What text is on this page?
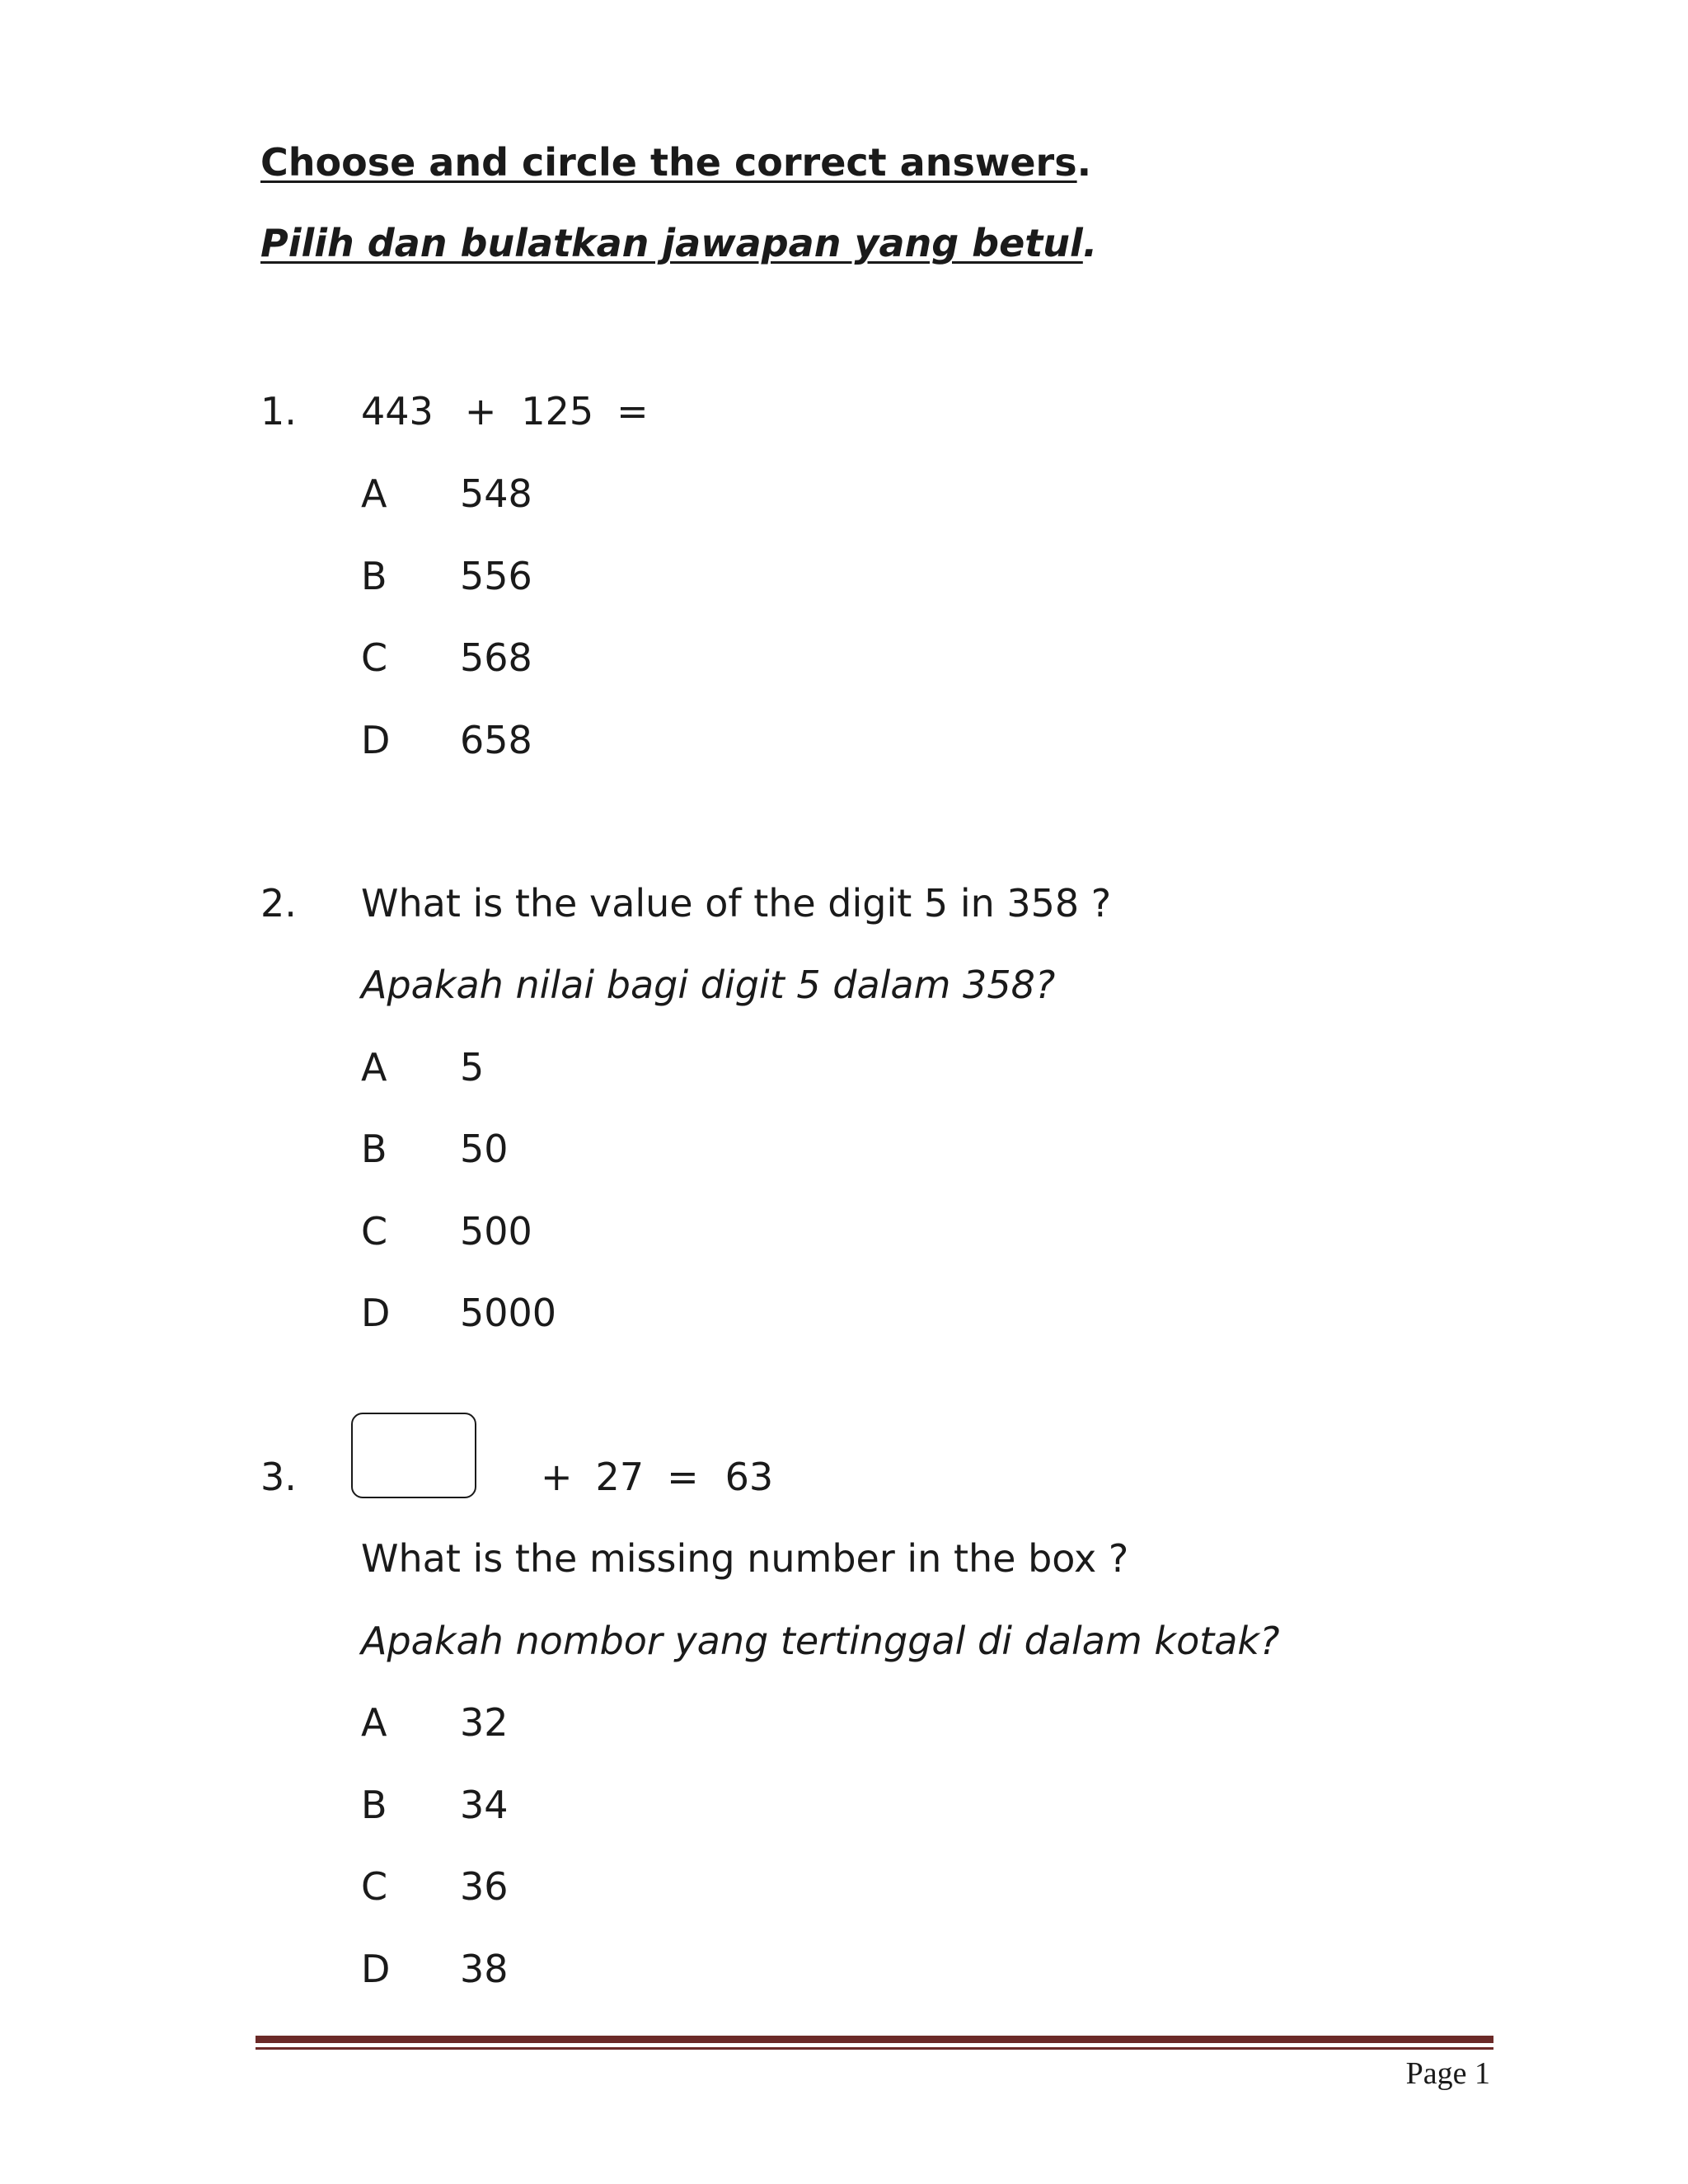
Choose and circle the correct answers.
Pilih dan bulatkan jawapan yang betul.
1. 443 + 125 =
A 548
B 556
C 568
D 658
2. What is the value of the digit 5 in 358 ?
Apakah nilai bagi digit 5 dalam 358?
A 5
B 50
C 500
D 5000
3.	+ 27 = 63
What is the missing number in the box ?
Apakah nombor yang tertinggal di dalam kotak?
A 32
B 34
C 36
D 38
Page 1
